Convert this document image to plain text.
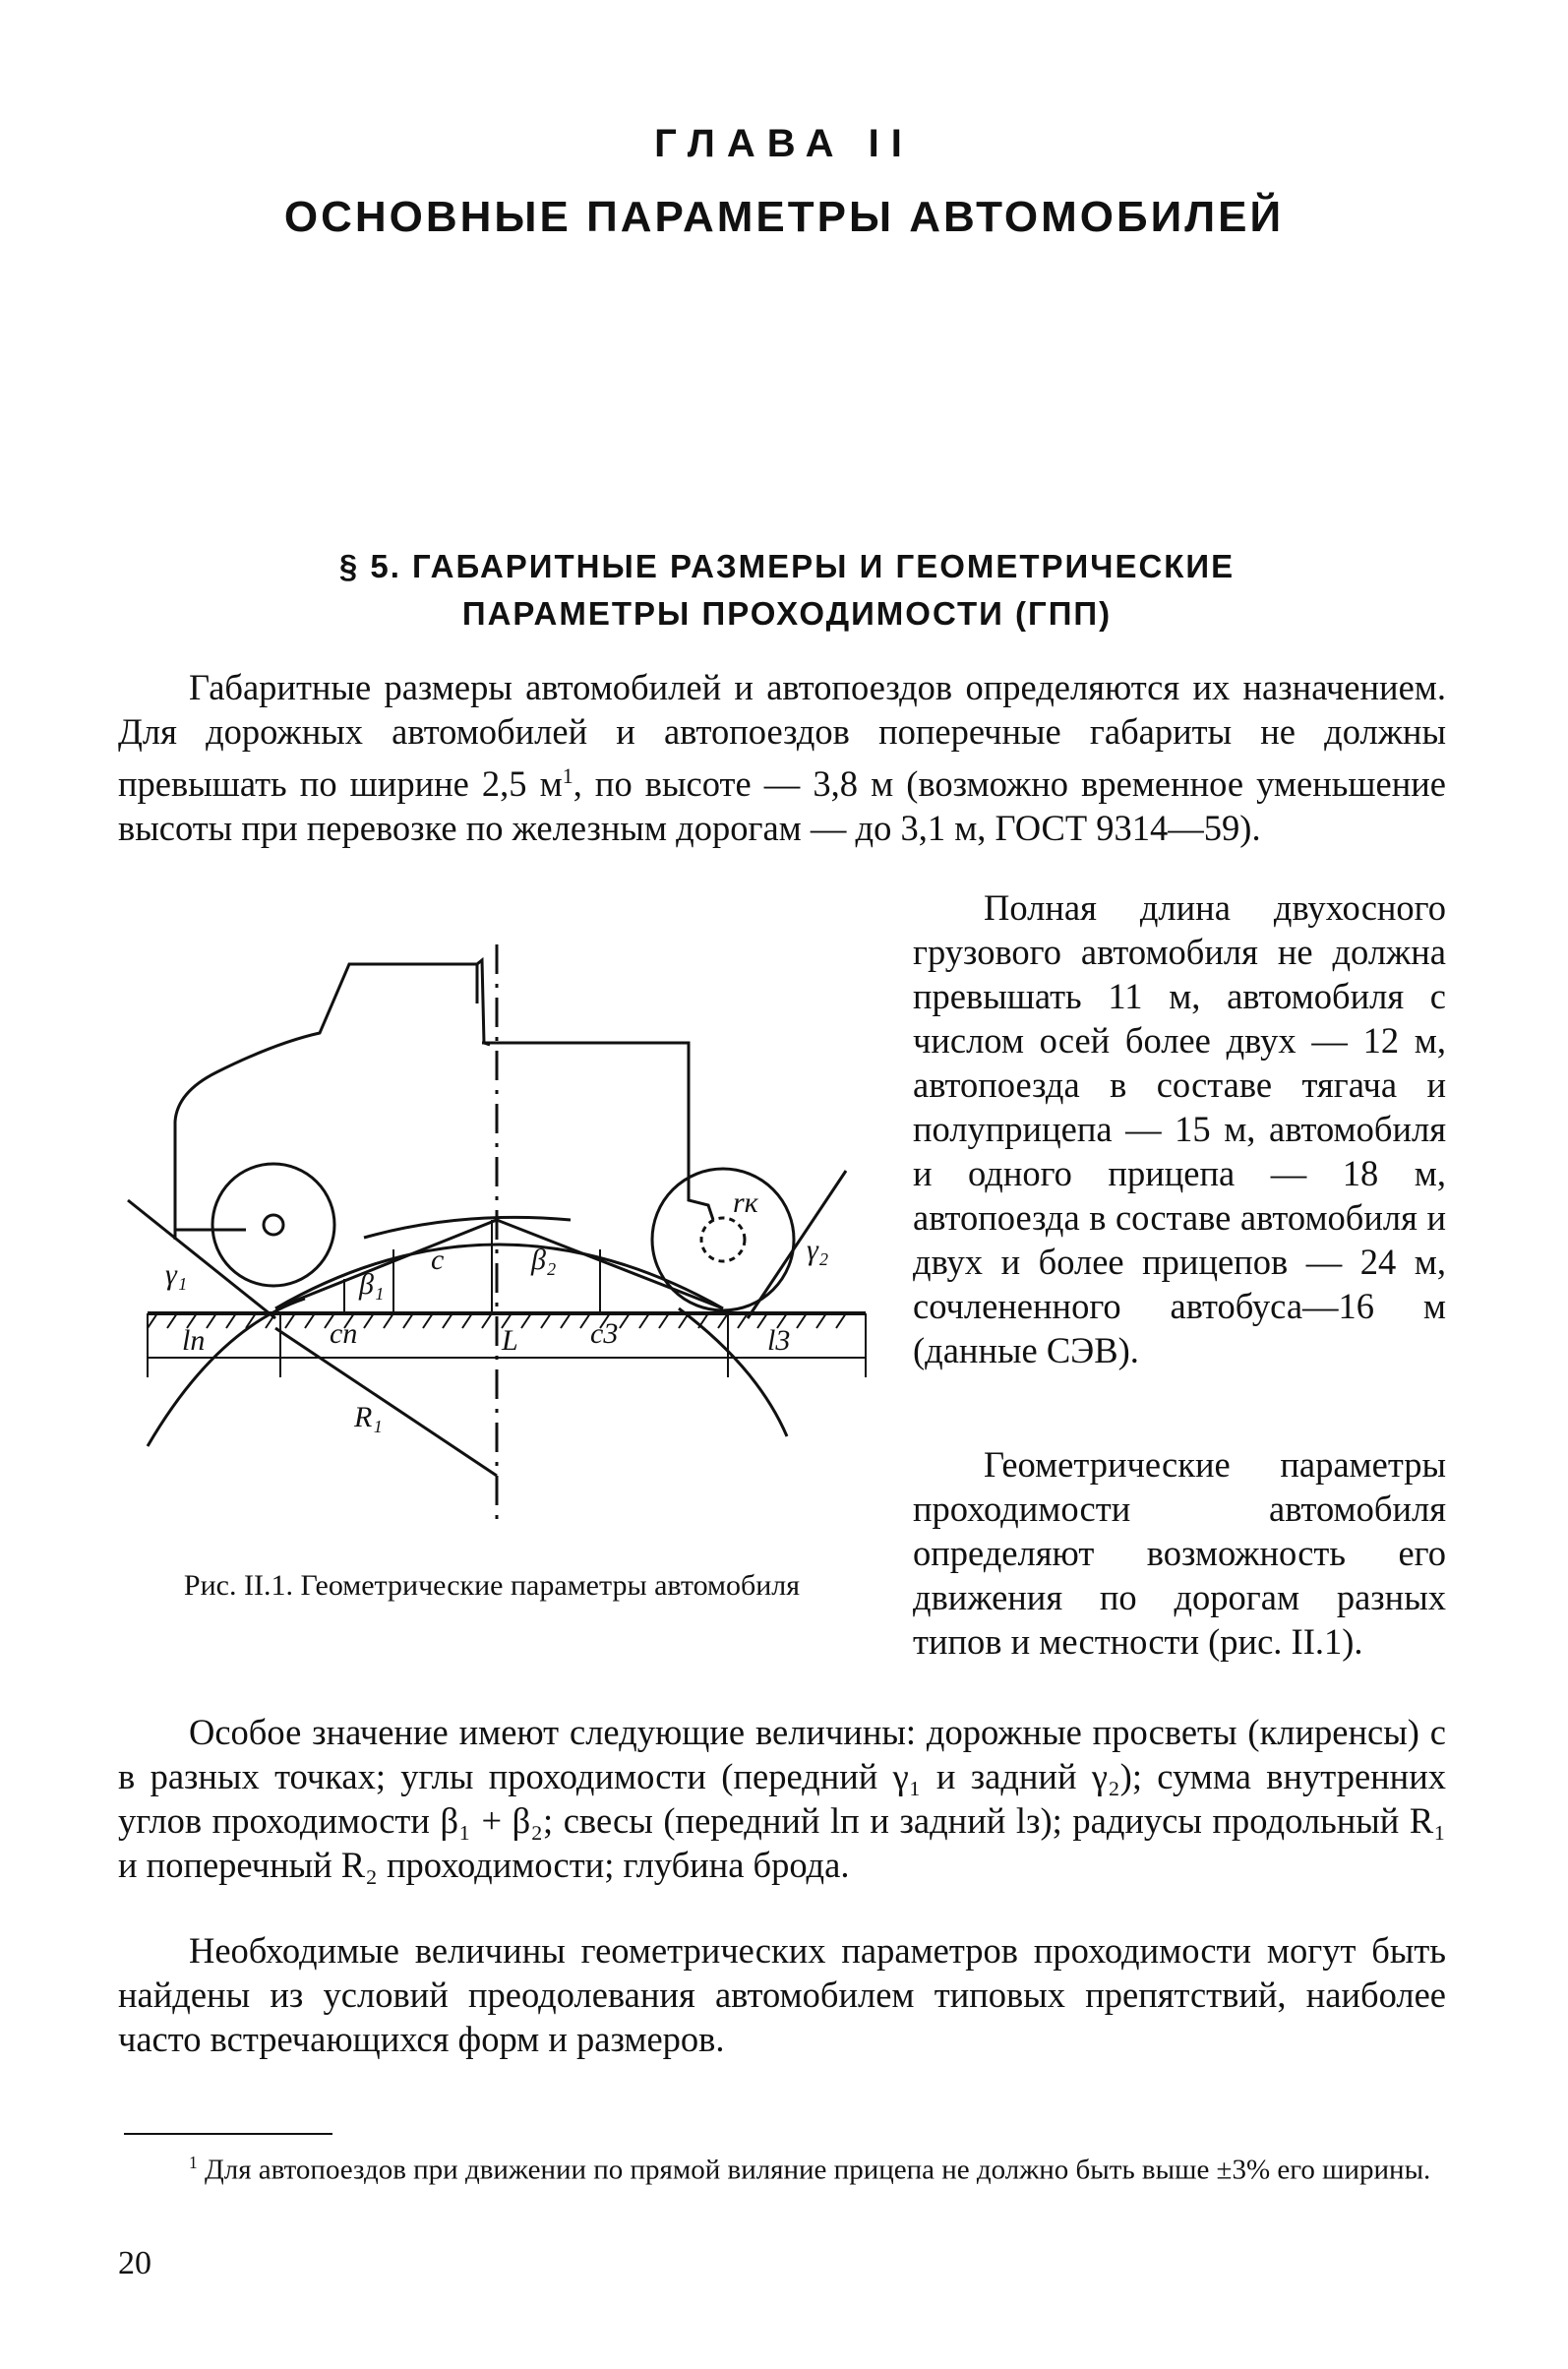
ГЛАВА II
ОСНОВНЫЕ ПАРАМЕТРЫ АВТОМОБИЛЕЙ
§ 5. ГАБАРИТНЫЕ РАЗМЕРЫ И ГЕОМЕТРИЧЕСКИЕ
ПАРАМЕТРЫ ПРОХОДИМОСТИ (ГПП)
Габаритные размеры автомобилей и автопоездов определяются их назначением. Для дорожных автомобилей и автопоездов поперечные габариты не должны превышать по ширине 2,5 $м^1$, по высоте — 3,8 м (возможно временное уменьшение высоты при перевозке по железным дорогам — до 3,1 м, ГОСТ 9314—59).
γ₁
γ₂
β₁
β₂
c
cп	c3
rк
lп	L	l3
R₁
Рис. II.1. Геометрические параметры автомобиля
Полная длина двухосного грузового автомобиля не должна превышать 11 м, автомобиля с числом осей более двух — 12 м, автопоезда в составе тягача и полуприцепа — 15 м, автомобиля и одного прицепа — 18 м, автопоезда в составе автомобиля и двух и более прицепов — 24 м, сочлененного автобуса—16 м (данные СЭВ).
Геометрические параметры проходимости автомобиля определяют возможность его движения по дорогам разных типов и местности (рис. II.1).
Особое значение имеют следующие величины: дорожные просветы (клиренсы) c в разных точках; углы проходимости (передний γ₁ и задний γ₂); сумма внутренних углов проходимости β₁ + β₂; свесы (передний lп и задний lз); радиусы продольный R₁ и поперечный R₂ проходимости; глубина брода.
Необходимые величины геометрических параметров проходимости могут быть найдены из условий преодолевания автомобилем типовых препятствий, наиболее часто встречающихся форм и размеров.
$^1$ Для автопоездов при движении по прямой виляние прицепа не должно быть выше ±3% его ширины.
20
